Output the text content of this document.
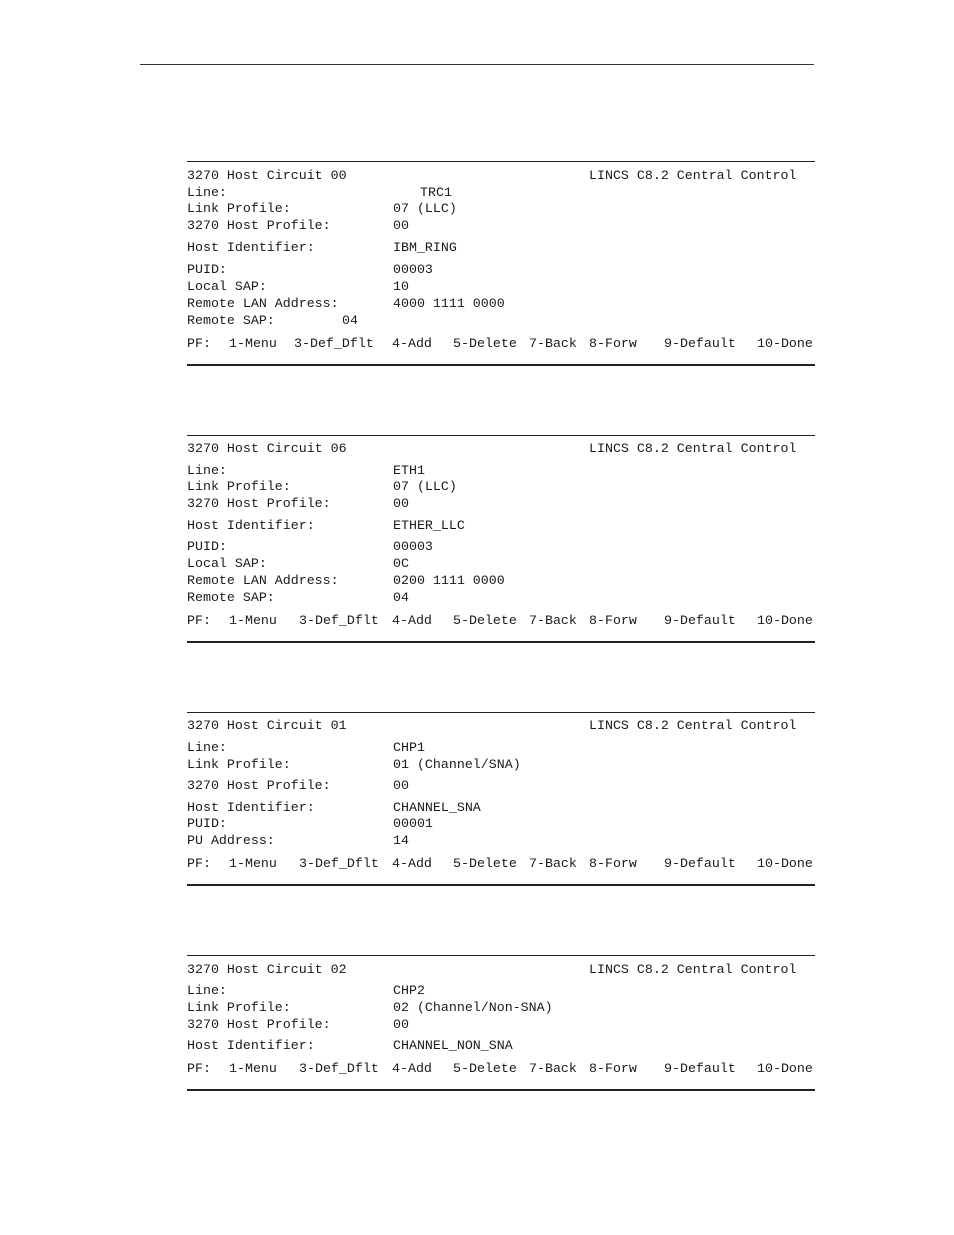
3270 Host Circuit 00	LINCS C8.2 Central Control
Line:	TRC1
Link Profile:	07 (LLC)
3270 Host Profile:	00
Host Identifier:	IBM_RING
PUID:	00003
Local SAP:	10
Remote LAN Address:	4000 1111 0000
Remote SAP:	04

PF:

1-Menu

3-Def_Dflt

4-Add

5-Delete

7-Back

8-Forw

9-Default

10-Done

3270 Host Circuit 06	LINCS C8.2 Central Control
Line:	ETH1
Link Profile:	07 (LLC)
3270 Host Profile:	00
Host Identifier:	ETHER_LLC
PUID:	00003
Local SAP:	0C
Remote LAN Address:	0200 1111 0000
Remote SAP:	04

PF:

1-Menu

3-Def_Dflt

4-Add

5-Delete

7-Back

8-Forw

9-Default

10-Done

3270 Host Circuit 01	LINCS C8.2 Central Control
Line:	CHP1
Link Profile:	01 (Channel/SNA)
3270 Host Profile:	00
Host Identifier:	CHANNEL_SNA
PUID:	00001
PU Address:	14

PF:

1-Menu

3-Def_Dflt

4-Add

5-Delete

7-Back

8-Forw

9-Default

10-Done

3270 Host Circuit 02	LINCS C8.2 Central Control
Line:	CHP2
Link Profile:	02 (Channel/Non-SNA)
3270 Host Profile:	00
Host Identifier:	CHANNEL_NON_SNA

PF:

1-Menu

3-Def_Dflt

4-Add

5-Delete

7-Back

8-Forw

9-Default

10-Done
